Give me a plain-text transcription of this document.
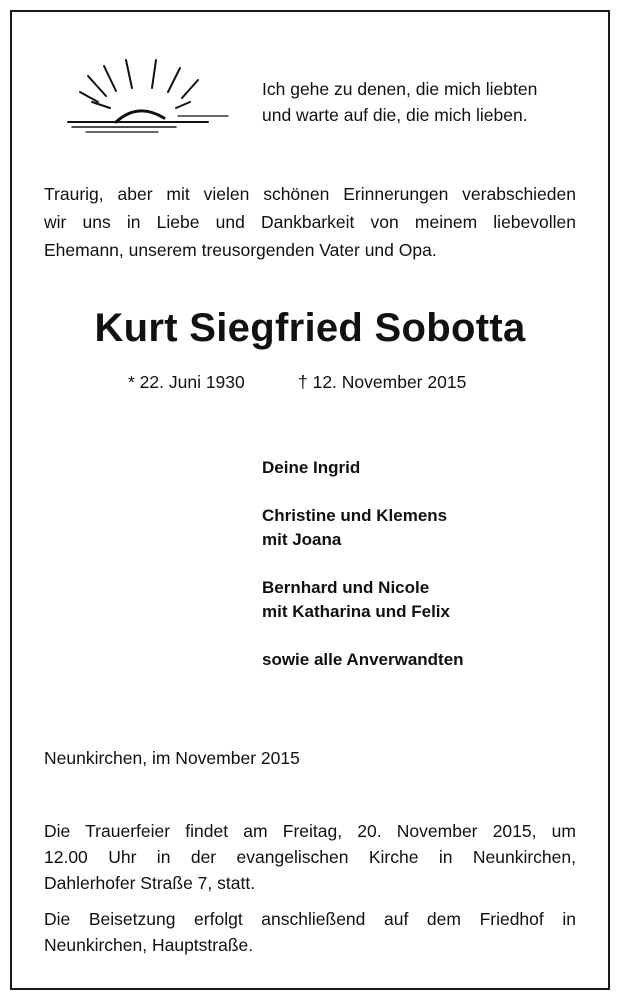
Ich gehe zu denen, die mich liebten
und warte auf die, die mich lieben.
Traurig, aber mit vielen schönen Erinnerungen verabschieden
wir uns in Liebe und Dankbarkeit von meinem liebevollen
Ehemann, unserem treusorgenden Vater und Opa.
Kurt Siegfried Sobotta
* 22. Juni 1930	† 12. November 2015
Deine Ingrid
Christine und Klemens
mit Joana
Bernhard und Nicole
mit Katharina und Felix
sowie alle Anverwandten
Neunkirchen, im November 2015
Die Trauerfeier findet am Freitag, 20. November 2015, um
12.00 Uhr in der evangelischen Kirche in Neunkirchen,
Dahlerhofer Straße 7, statt.
Die Beisetzung erfolgt anschließend auf dem Friedhof in
Neunkirchen, Hauptstraße.
